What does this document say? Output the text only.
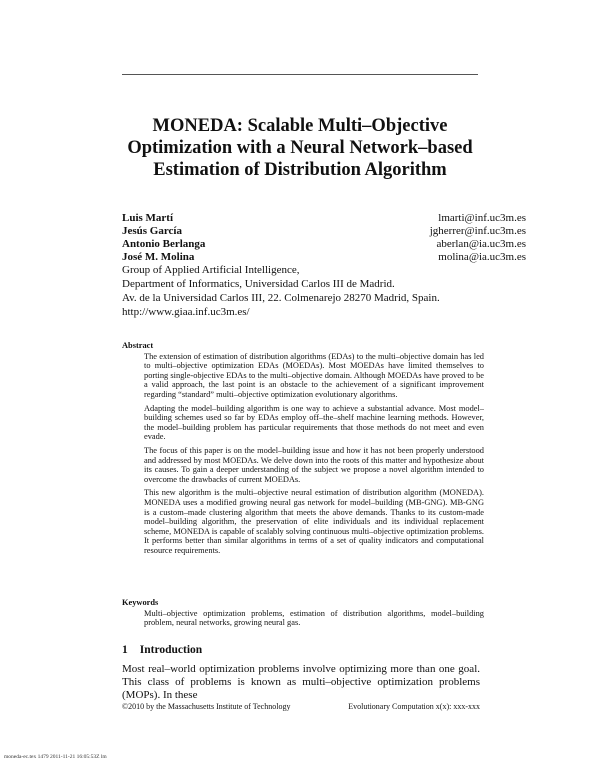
MONEDA: Scalable Multi–Objective
Optimization with a Neural Network–based
Estimation of Distribution Algorithm
Luis Martí	lmarti@inf.uc3m.es
Jesús García	jgherrer@inf.uc3m.es
Antonio Berlanga	aberlan@ia.uc3m.es
José M. Molina	molina@ia.uc3m.es
Group of Applied Artificial Intelligence,
Department of Informatics, Universidad Carlos III de Madrid.
Av. de la Universidad Carlos III, 22. Colmenarejo 28270 Madrid, Spain.
http://www.giaa.inf.uc3m.es/
Abstract

The extension of estimation of distribution algorithms (EDAs) to the multi–objective domain has led to multi–objective optimization EDAs (MOEDAs). Most MOEDAs have limited themselves to porting single-objective EDAs to the multi–objective domain. Although MOEDAs have proved to be a valid approach, the last point is an obstacle to the achievement of a significant improvement regarding “standard” multi–objective optimization evolutionary algorithms.

Adapting the model–building algorithm is one way to achieve a substantial advance. Most model–building schemes used so far by EDAs employ off–the–shelf machine learning methods. However, the model–building problem has particular requirements that those methods do not meet and even evade.

The focus of this paper is on the model–building issue and how it has not been properly understood and addressed by most MOEDAs. We delve down into the roots of this matter and hypothesize about its causes. To gain a deeper understanding of the subject we propose a novel algorithm intended to overcome the drawbacks of current MOEDAs.

This new algorithm is the multi–objective neural estimation of distribution algorithm (MONEDA). MONEDA uses a modified growing neural gas network for model–building (MB-GNG). MB-GNG is a custom–made clustering algorithm that meets the above demands. Thanks to its custom-made model–building algorithm, the preservation of elite individuals and its individual replacement scheme, MONEDA is capable of scalably solving continuous multi–objective optimization problems. It performs better than similar algorithms in terms of a set of quality indicators and computational resource requirements.

Keywords

Multi–objective optimization problems, estimation of distribution algorithms, model–building problem, neural networks, growing neural gas.

1 Introduction
Most real–world optimization problems involve optimizing more than one goal. This class of problems is known as multi–objective optimization problems (MOPs). In these
©2010 by the Massachusetts Institute of Technology	Evolutionary Computation x(x): xxx-xxx
moneda-ec.tex 1479 2011-11-21 16:05:53Z lm
